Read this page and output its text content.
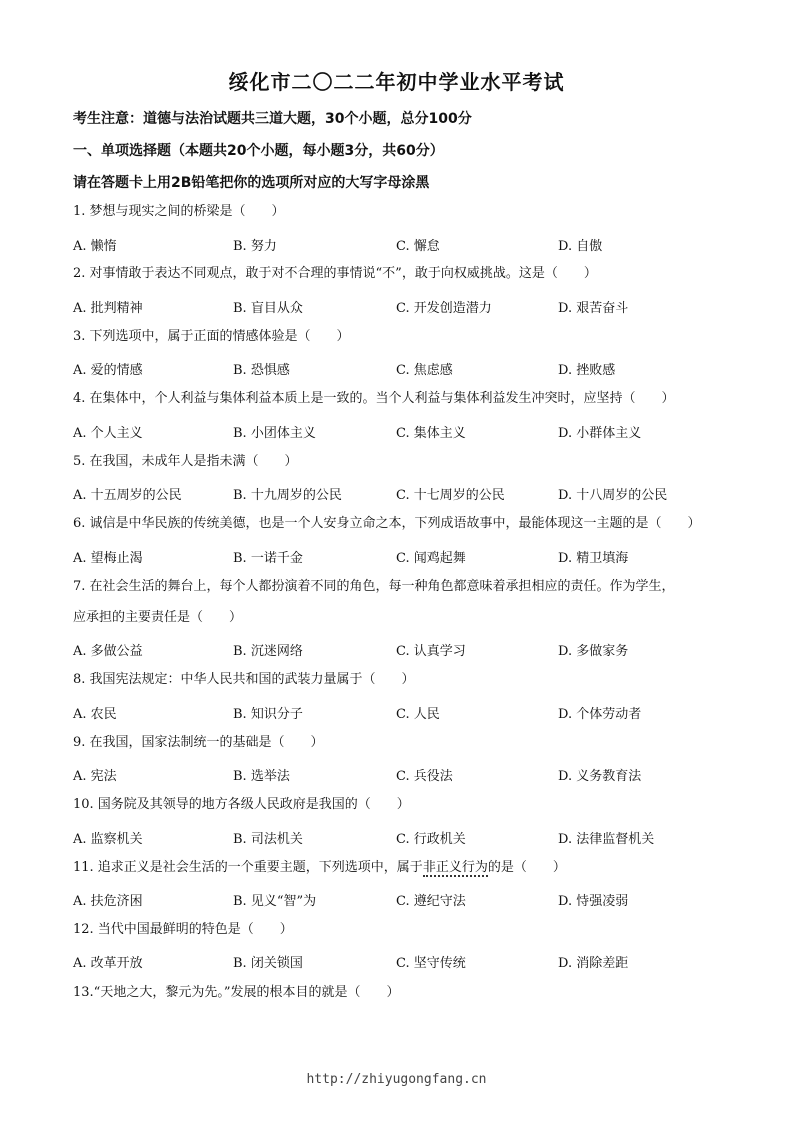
绥化市二〇二二年初中学业水平考试
考生注意：道德与法治试题共三道大题，30个小题，总分100分
一、单项选择题（本题共20个小题，每小题3分，共60分）
请在答题卡上用2B铅笔把你的选项所对应的大写字母涂黑
1. 梦想与现实之间的桥梁是（　　）
A. 懒惰	B. 努力	C. 懈怠	D. 自傲
2. 对事情敢于表达不同观点，敢于对不合理的事情说“不”，敢于向权威挑战。这是（　　）
A. 批判精神	B. 盲目从众	C. 开发创造潜力	D. 艰苦奋斗
3. 下列选项中，属于正面的情感体验是（　　）
A. 爱的情感	B. 恐惧感	C. 焦虑感	D. 挫败感
4. 在集体中，个人利益与集体利益本质上是一致的。当个人利益与集体利益发生冲突时，应坚持（　　）
A. 个人主义	B. 小团体主义	C. 集体主义	D. 小群体主义
5. 在我国，未成年人是指未满（　　）
A. 十五周岁的公民	B. 十九周岁的公民	C. 十七周岁的公民	D. 十八周岁的公民
6. 诚信是中华民族的传统美德，也是一个人安身立命之本，下列成语故事中，最能体现这一主题的是（　　）
A. 望梅止渴	B. 一诺千金	C. 闻鸡起舞	D. 精卫填海
7. 在社会生活的舞台上，每个人都扮演着不同的角色，每一种角色都意味着承担相应的责任。作为学生，
应承担的主要责任是（　　）
A. 多做公益	B. 沉迷网络	C. 认真学习	D. 多做家务
8. 我国宪法规定：中华人民共和国的武装力量属于（　　）
A. 农民	B. 知识分子	C. 人民	D. 个体劳动者
9. 在我国，国家法制统一的基础是（　　）
A. 宪法	B. 选举法	C. 兵役法	D. 义务教育法
10. 国务院及其领导的地方各级人民政府是我国的（　　）
A. 监察机关	B. 司法机关	C. 行政机关	D. 法律监督机关
11. 追求正义是社会生活的一个重要主题，下列选项中，属于非正义行为的是（　　）
A. 扶危济困	B. 见义“智”为	C. 遵纪守法	D. 恃强凌弱
12. 当代中国最鲜明的特色是（　　）
A. 改革开放	B. 闭关锁国	C. 坚守传统	D. 消除差距
13.“天地之大，黎元为先。”发展的根本目的就是（　　）
http://zhiyugongfang.cn
